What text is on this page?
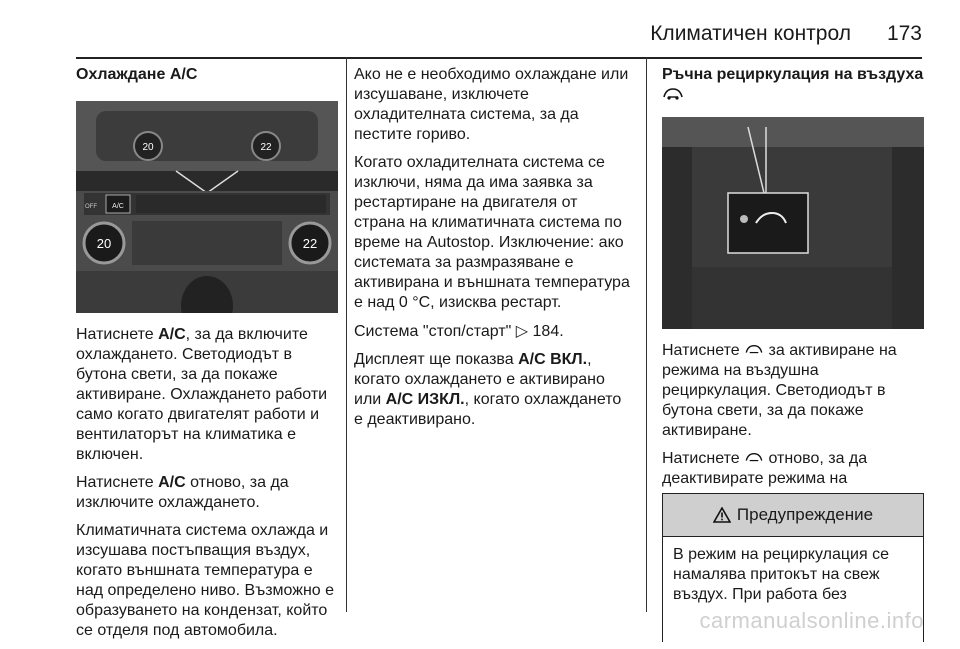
Климатичен контрол 173
Охлаждане A/C
20	22
A/C
OFF
20	22

Натиснете A/C, за да включите охлаждането. Светодиодът в бутона свети, за да покаже активиране. Охлаждането работи само когато двигателят работи и вентилаторът на климатика е включен.

Натиснете A/C отново, за да изключите охлаждането.

Климатичната система охлажда и изсушава постъпващия въздух, когато външната температура е над определено ниво. Възможно е образуването на кондензат, който се отделя под автомобила.

Ако не е необходимо охлаждане или изсушаване, изключете охладителната система, за да пестите гориво.

Когато охладителната система се изключи, няма да има заявка за рестартиране на двигателя от страна на климатичната система по време на Autostop. Изключение: ако системата за размразяване е активирана и външната температура е над 0 °C, изисква рестарт.

Система "стоп/старт" ▷ 184.

Дисплеят ще показва A/C ВКЛ., когато охлаждането е активирано или A/C ИЗКЛ., когато охлаждането е деактивирано.

Ръчна рециркулация на въздуха

Натиснете  за активиране на режима на въздушна рециркулация. Светодиодът в бутона свети, за да покаже активиране.

Натиснете  отново, за да деактивирате режима на

Предупреждение
В режим на рециркулация се намалява притокът на свеж въздух. При работа без
carmanualsonline.info
